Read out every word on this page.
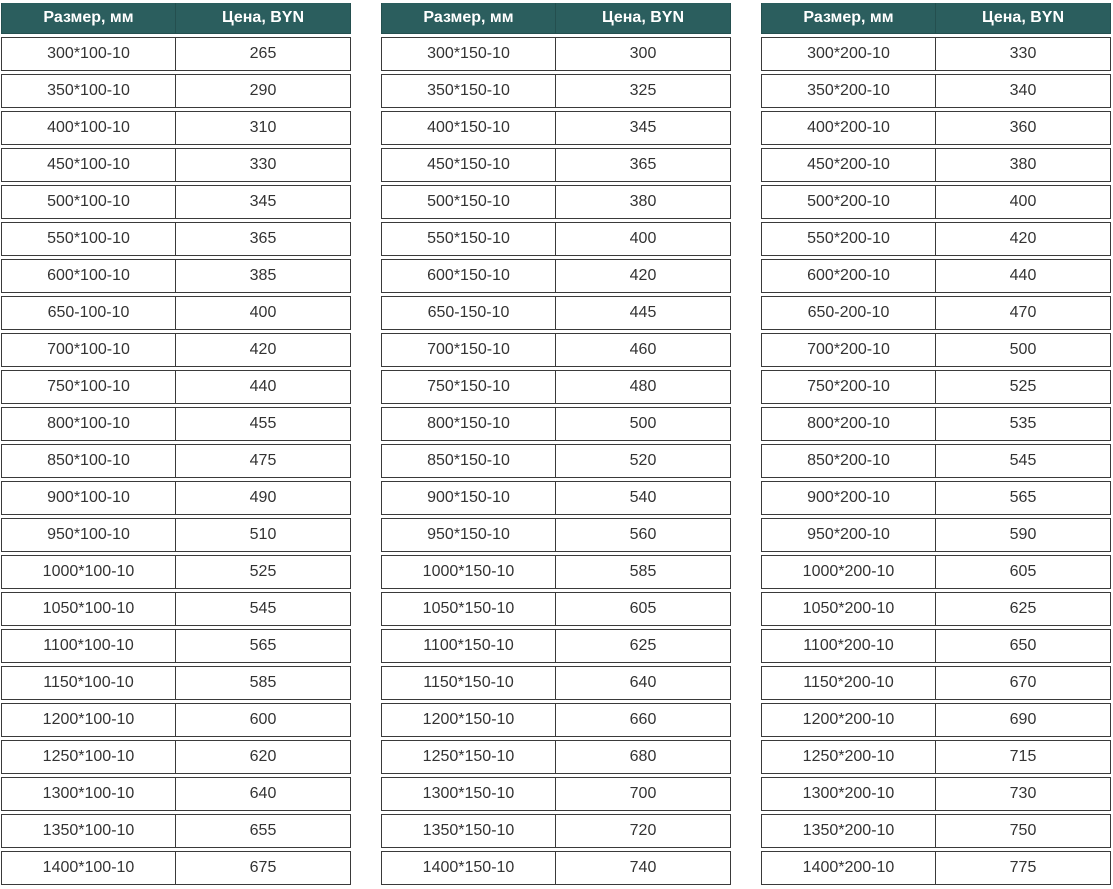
Размер, мм	Цена, BYN
300*100-10	265
350*100-10	290
400*100-10	310
450*100-10	330
500*100-10	345
550*100-10	365
600*100-10	385
650-100-10	400
700*100-10	420
750*100-10	440
800*100-10	455
850*100-10	475
900*100-10	490
950*100-10	510
1000*100-10	525
1050*100-10	545
1100*100-10	565
1150*100-10	585
1200*100-10	600
1250*100-10	620
1300*100-10	640
1350*100-10	655
1400*100-10	675
Размер, мм	Цена, BYN
300*150-10	300
350*150-10	325
400*150-10	345
450*150-10	365
500*150-10	380
550*150-10	400
600*150-10	420
650-150-10	445
700*150-10	460
750*150-10	480
800*150-10	500
850*150-10	520
900*150-10	540
950*150-10	560
1000*150-10	585
1050*150-10	605
1100*150-10	625
1150*150-10	640
1200*150-10	660
1250*150-10	680
1300*150-10	700
1350*150-10	720
1400*150-10	740
Размер, мм	Цена, BYN
300*200-10	330
350*200-10	340
400*200-10	360
450*200-10	380
500*200-10	400
550*200-10	420
600*200-10	440
650-200-10	470
700*200-10	500
750*200-10	525
800*200-10	535
850*200-10	545
900*200-10	565
950*200-10	590
1000*200-10	605
1050*200-10	625
1100*200-10	650
1150*200-10	670
1200*200-10	690
1250*200-10	715
1300*200-10	730
1350*200-10	750
1400*200-10	775
